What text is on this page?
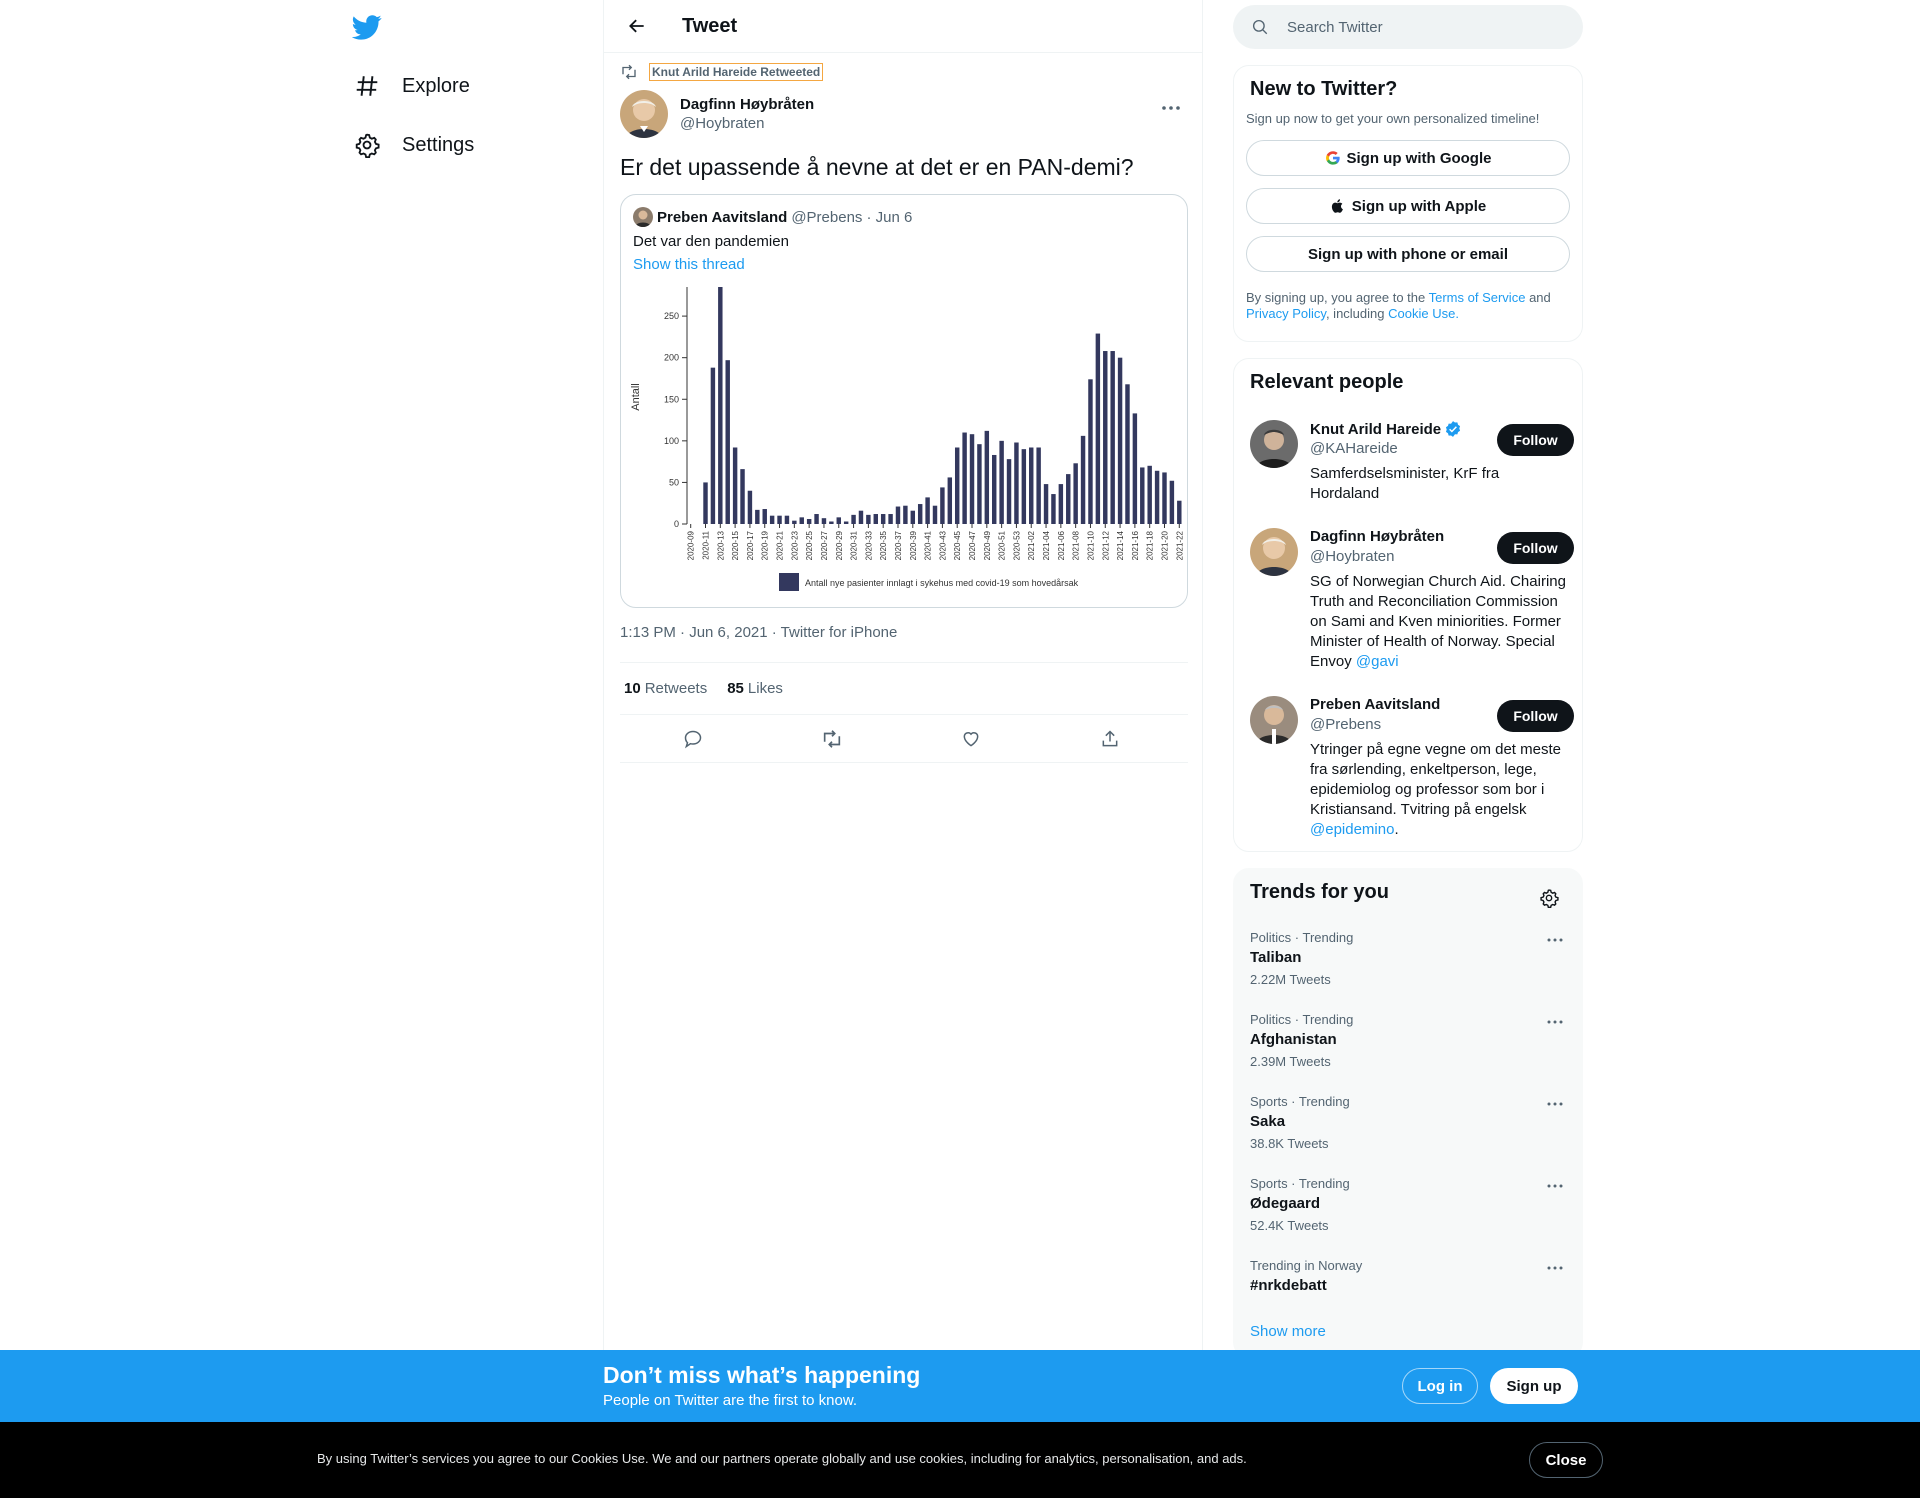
Explore
Settings
Tweet
Knut Arild Hareide Retweeted
Dagfinn Høybråten
@Hoybraten
Er det upassende å nevne at det er en PAN-demi?
Preben Aavitsland @Prebens · Jun 6
Det var den pandemien
Show this thread
Antall
0
50
100
150
200
250
2020-09 2020-11 2020-13 2020-15 2020-17 2020-19 2020-21 2020-23 2020-25 2020-27 2020-29 2020-31 2020-33 2020-35 2020-37 2020-39 2020-41 2020-43 2020-45 2020-47 2020-49 2020-51 2020-53 2021-02 2021-04 2021-06 2021-08 2021-10 2021-12 2021-14 2021-16 2021-18 2021-20 2021-22
Antall nye pasienter innlagt i sykehus med covid-19 som hovedårsak
1:13 PM · Jun 6, 2021 · Twitter for iPhone
10 Retweets 85 Likes
Search Twitter
New to Twitter?
Sign up now to get your own personalized timeline!
Sign up with Google
Sign up with Apple
Sign up with phone or email
By signing up, you agree to the Terms of Service and
Privacy Policy, including Cookie Use.
Relevant people
Knut Arild Hareide
@KAHareide
Samferdselsminister, KrF fra Hordaland
Follow
Dagfinn Høybråten
@Hoybraten
SG of Norwegian Church Aid. Chairing Truth and Reconciliation Commission on Sami and Kven miniorities. Former Minister of Health of Norway. Special Envoy @gavi
Follow
Preben Aavitsland
@Prebens
Ytringer på egne vegne om det meste fra sørlending, enkeltperson, lege, epidemiolog og professor som bor i Kristiansand. Tvitring på engelsk
@epidemino.
Follow
Trends for you
Politics · Trending
Taliban
2.22M Tweets
Politics · Trending
Afghanistan
2.39M Tweets
Sports · Trending
Saka
38.8K Tweets
Sports · Trending
Ødegaard
52.4K Tweets
Trending in Norway
#nrkdebatt
Show more
Don’t miss what’s happening
People on Twitter are the first to know.
Log in	Sign up
By using Twitter’s services you agree to our Cookies Use. We and our partners operate globally and use cookies, including for analytics, personalisation, and ads.	Close
